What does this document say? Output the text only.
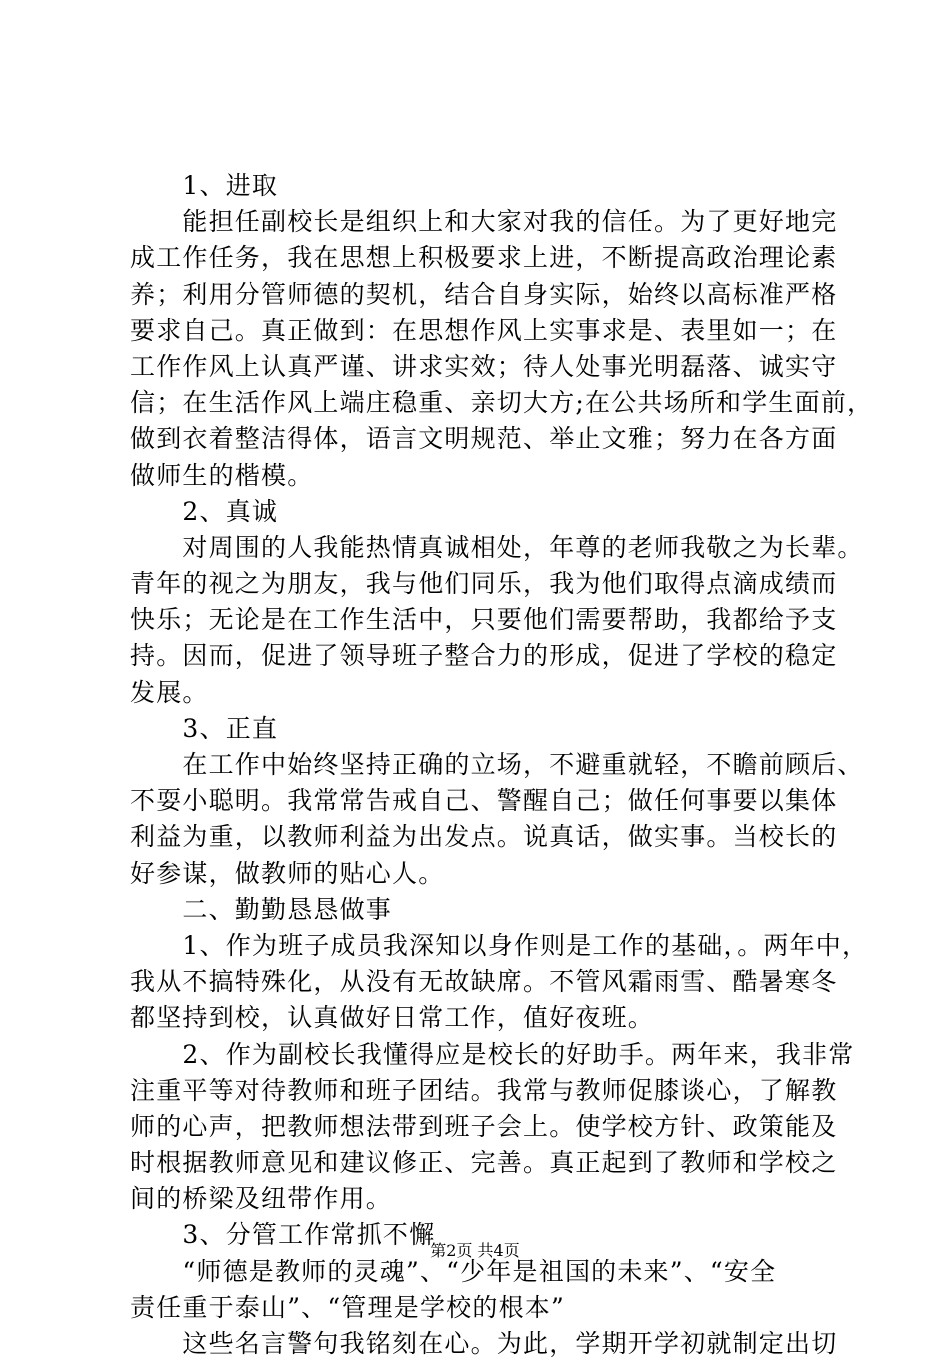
　　1、进取
　　能担任副校长是组织上和大家对我的信任。为了更好地完
成工作任务，我在思想上积极要求上进，不断提高政治理论素
养；利用分管师德的契机，结合自身实际，始终以高标准严格
要求自己。真正做到：在思想作风上实事求是、表里如一；在
工作作风上认真严谨、讲求实效；待人处事光明磊落、诚实守
信；在生活作风上端庄稳重、亲切大方;在公共场所和学生面前，
做到衣着整洁得体，语言文明规范、举止文雅；努力在各方面
做师生的楷模。
　　2、真诚
　　对周围的人我能热情真诚相处，年尊的老师我敬之为长辈。
青年的视之为朋友，我与他们同乐，我为他们取得点滴成绩而
快乐；无论是在工作生活中，只要他们需要帮助，我都给予支
持。因而，促进了领导班子整合力的形成，促进了学校的稳定
发展。
　　3、正直
　　在工作中始终坚持正确的立场，不避重就轻，不瞻前顾后、
不耍小聪明。我常常告戒自己、警醒自己；做任何事要以集体
利益为重，以教师利益为出发点。说真话，做实事。当校长的
好参谋，做教师的贴心人。
　　二、勤勤恳恳做事
　　1、作为班子成员我深知以身作则是工作的基础，。两年中，
我从不搞特殊化，从没有无故缺席。不管风霜雨雪、酷暑寒冬
都坚持到校，认真做好日常工作，值好夜班。
　　2、作为副校长我懂得应是校长的好助手。两年来，我非常
注重平等对待教师和班子团结。我常与教师促膝谈心，了解教
师的心声，把教师想法带到班子会上。使学校方针、政策能及
时根据教师意见和建议修正、完善。真正起到了教师和学校之
间的桥梁及纽带作用。
　　3、分管工作常抓不懈
　　“师德是教师的灵魂”、“少年是祖国的未来”、“安全
责任重于泰山”、“管理是学校的根本”
　　这些名言警句我铭刻在心。为此，学期开学初就制定出切
第2页 共4页
